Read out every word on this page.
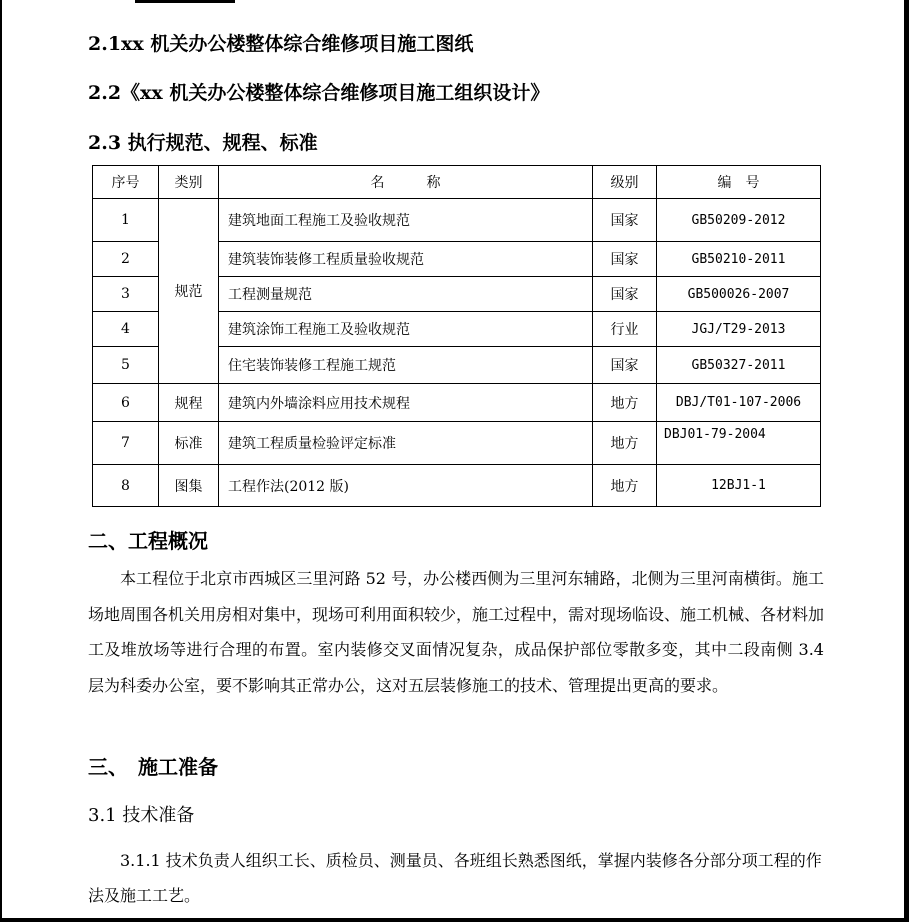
2.1xx 机关办公楼整体综合维修项目施工图纸
2.2《xx 机关办公楼整体综合维修项目施工组织设计》
2.3 执行规范、规程、标准
序号	类别	名　　　称	级别	编　号
1	规范	建筑地面工程施工及验收规范	国家	GB50209-2012
2		建筑装饰装修工程质量验收规范	国家	GB50210-2011
3		工程测量规范	国家	GB500026-2007
4		建筑涂饰工程施工及验收规范	行业	JGJ/T29-2013
5		住宅装饰装修工程施工规范	国家	GB50327-2011
6	规程	建筑内外墙涂料应用技术规程	地方	DBJ/T01-107-2006
7	标准	建筑工程质量检验评定标准	地方	DBJ01-79-2004
8	图集	工程作法(2012 版)	地方	12BJ1-1
二、工程概况
本工程位于北京市西城区三里河路 52 号，办公楼西侧为三里河东辅路，北侧为三里河南横街。施工场地周围各机关用房相对集中，现场可利用面积较少，施工过程中，需对现场临设、施工机械、各材料加工及堆放场等进行合理的布置。室内装修交叉面情况复杂，成品保护部位零散多变，其中二段南侧 3.4 层为科委办公室，要不影响其正常办公，这对五层装修施工的技术、管理提出更高的要求。
三、　施工准备
3.1 技术准备
3.1.1 技术负责人组织工长、质检员、测量员、各班组长熟悉图纸，掌握内装修各分部分项工程的作法及施工工艺。
